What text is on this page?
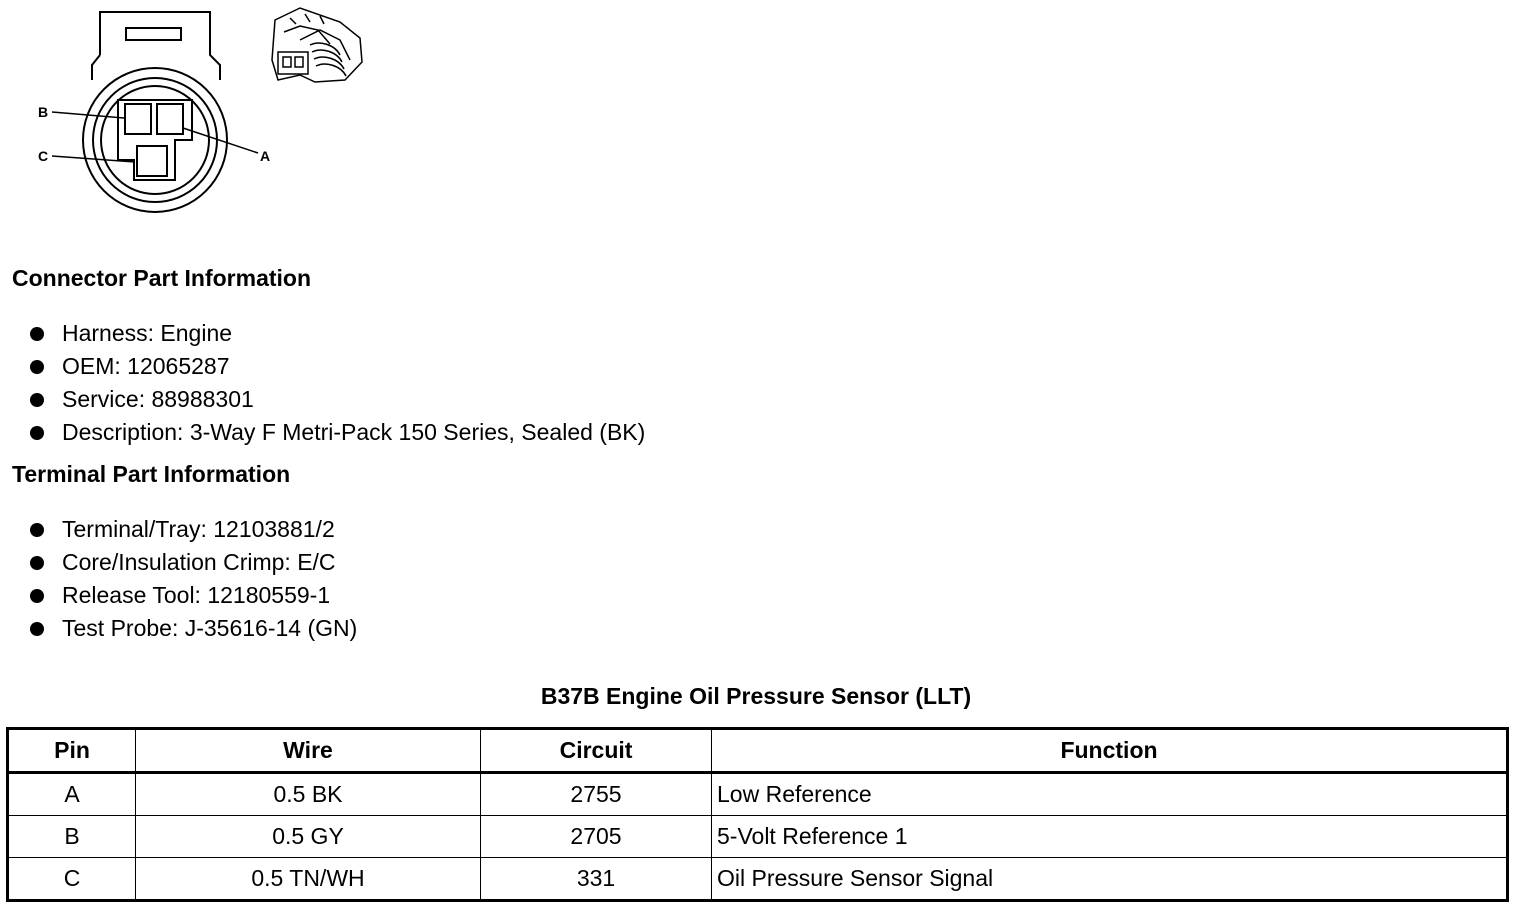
B
C	A
Connector Part Information
Harness: Engine
OEM: 12065287
Service: 88988301
Description: 3-Way F Metri-Pack 150 Series, Sealed (BK)
Terminal Part Information
Terminal/Tray: 12103881/2
Core/Insulation Crimp: E/C
Release Tool: 12180559-1
Test Probe: J-35616-14 (GN)
B37B Engine Oil Pressure Sensor (LLT)
Pin	Wire	Circuit	Function
A	0.5 BK	2755	Low Reference
B	0.5 GY	2705	5-Volt Reference 1
C	0.5 TN/WH	331	Oil Pressure Sensor Signal
